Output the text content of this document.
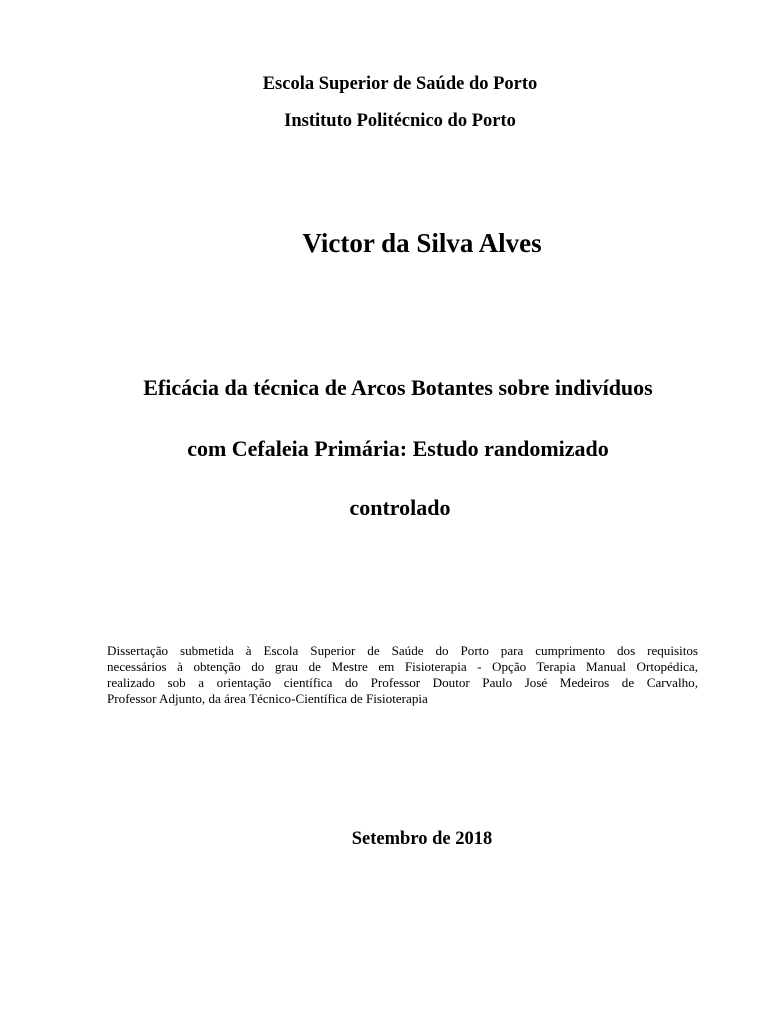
Escola Superior de Saúde do Porto

Instituto Politécnico do Porto

Victor da Silva Alves

Eficácia da técnica de Arcos Botantes sobre indivíduos

com Cefaleia Primária: Estudo randomizado

controlado

Dissertação submetida à Escola Superior de Saúde do Porto para cumprimento dos requisitos
necessários à obtenção do grau de Mestre em Fisioterapia - Opção Terapia Manual Ortopédica,
realizado sob a orientação científica do Professor Doutor Paulo José Medeiros de Carvalho,
Professor Adjunto, da área Técnico-Científica de Fisioterapia

Setembro de 2018
